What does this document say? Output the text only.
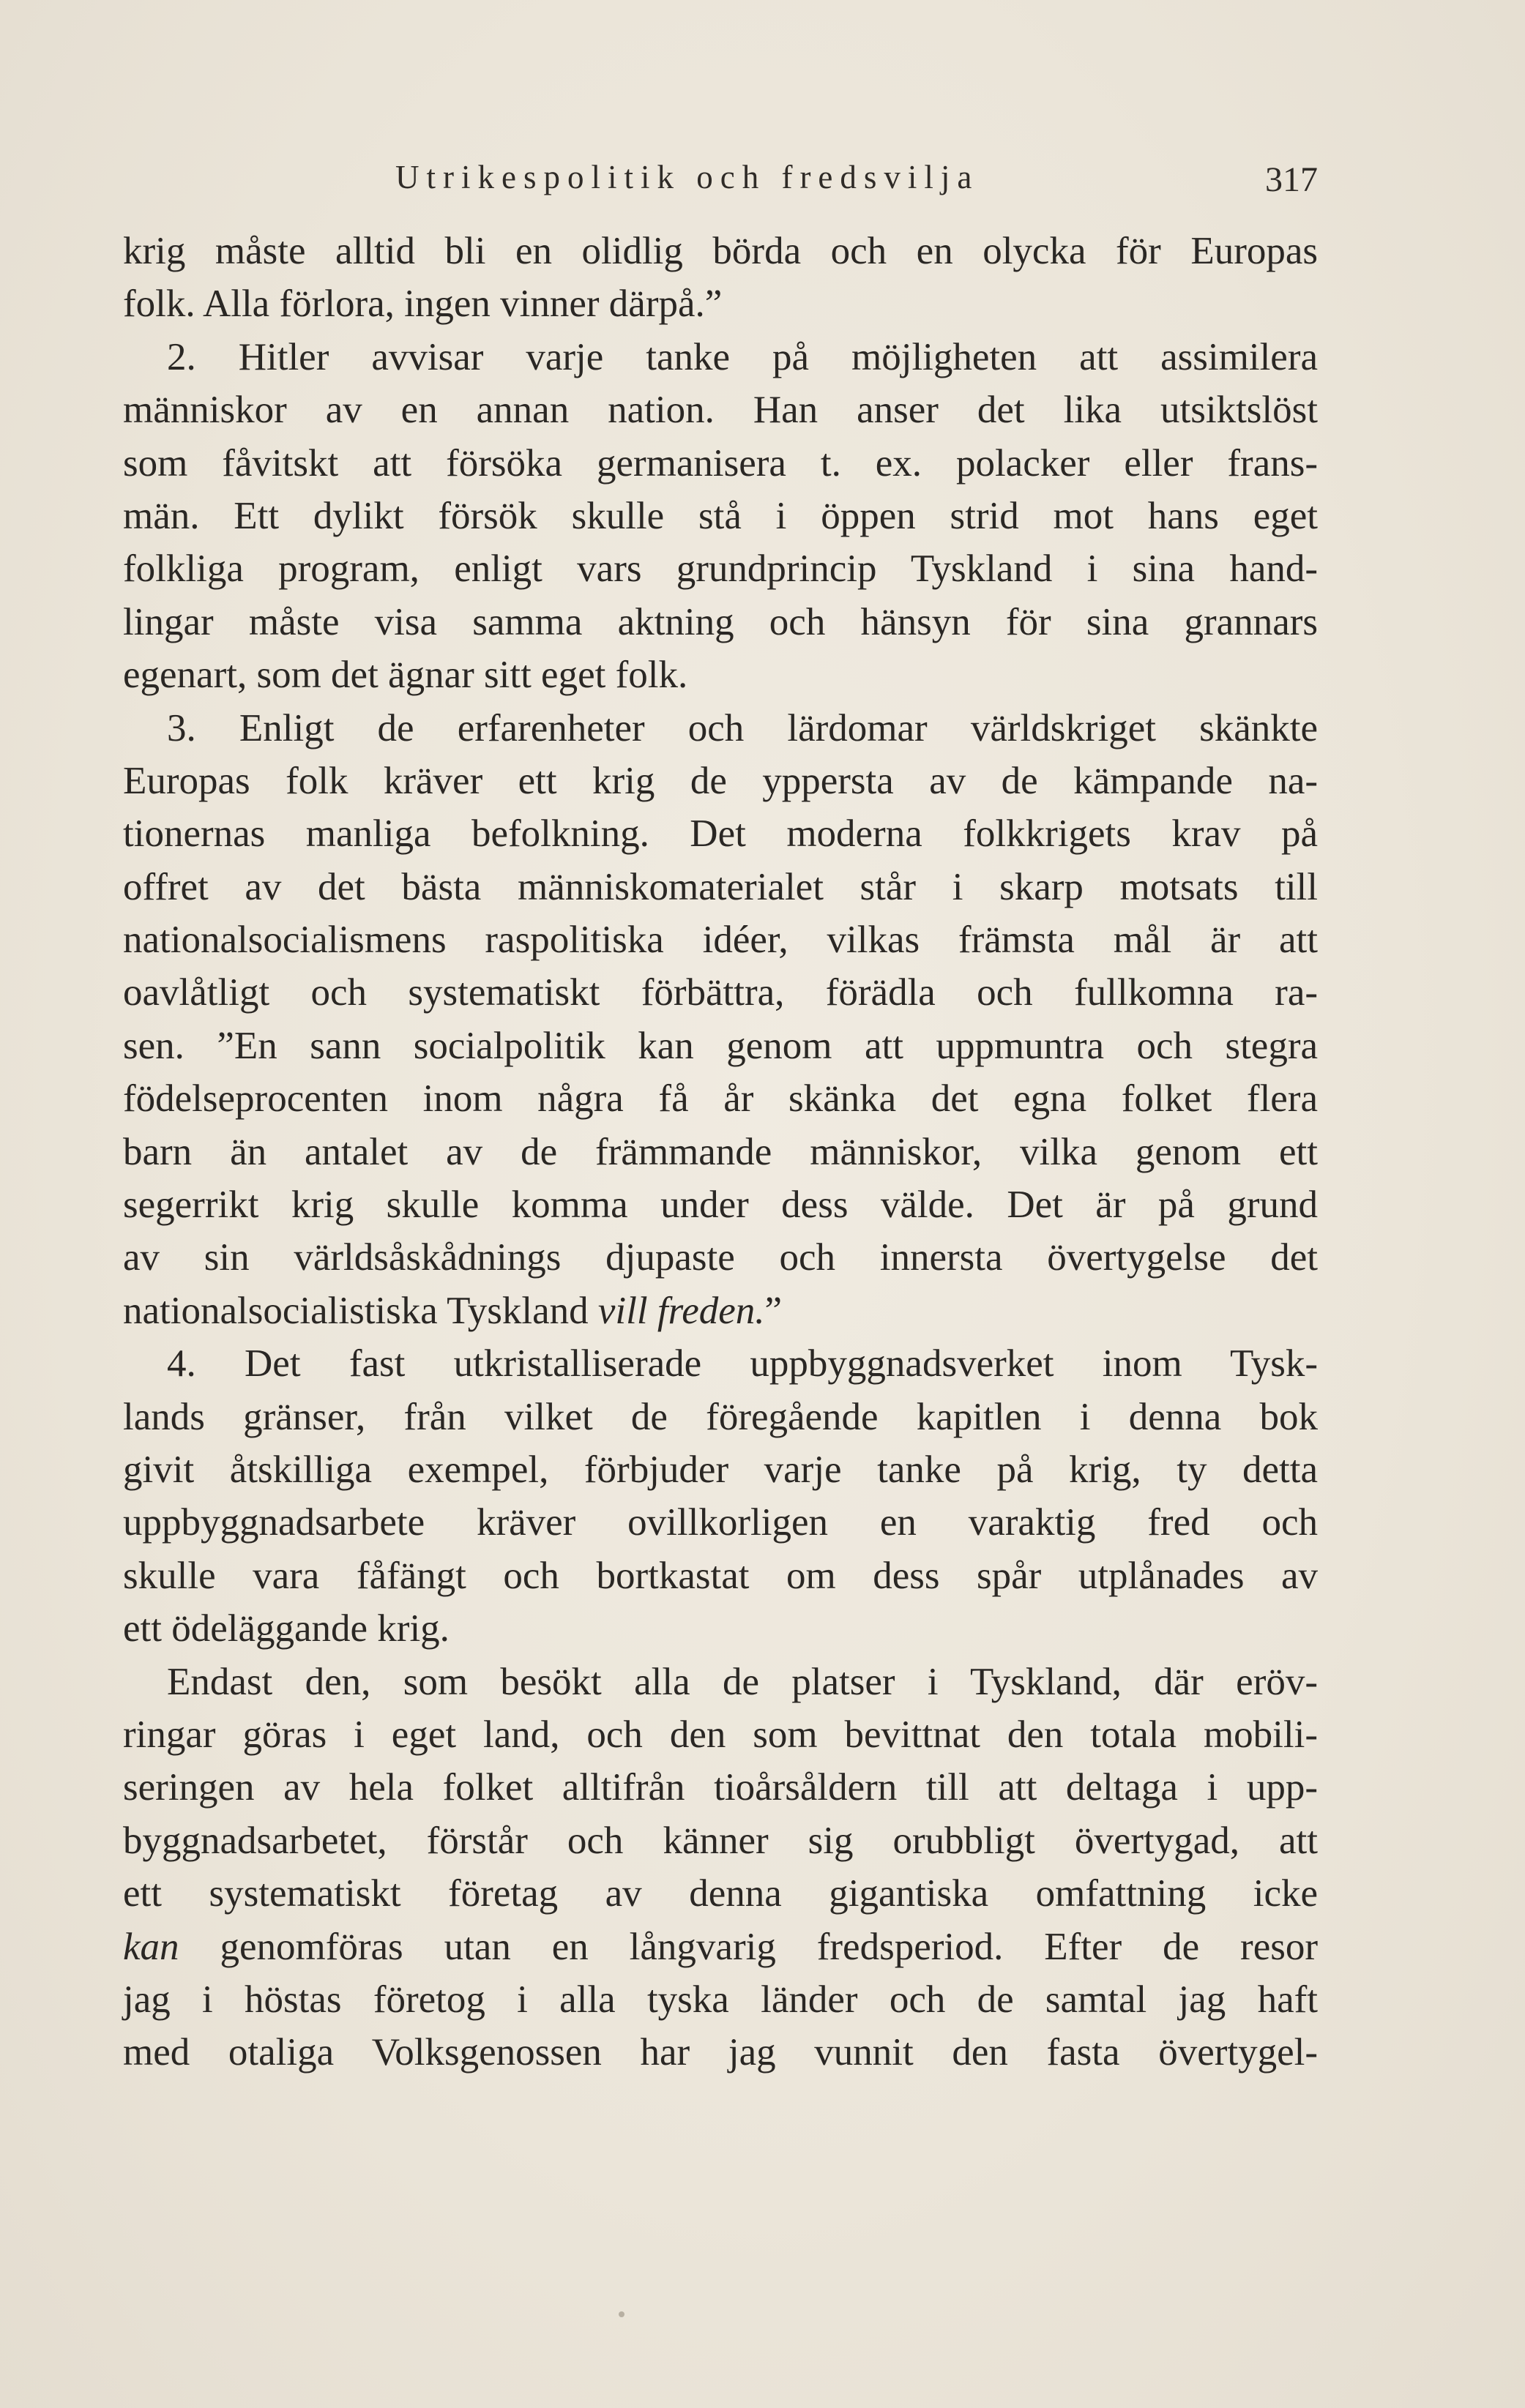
Utrikespolitik och fredsvilja	317
krig måste alltid bli en olidlig börda och en olycka för Europas
folk. Alla förlora, ingen vinner därpå.”
2. Hitler avvisar varje tanke på möjligheten att assimilera
människor av en annan nation. Han anser det lika utsiktslöst
som fåvitskt att försöka germanisera t. ex. polacker eller frans-
män. Ett dylikt försök skulle stå i öppen strid mot hans eget
folkliga program, enligt vars grundprincip Tyskland i sina hand-
lingar måste visa samma aktning och hänsyn för sina grannars
egenart, som det ägnar sitt eget folk.
3. Enligt de erfarenheter och lärdomar världskriget skänkte
Europas folk kräver ett krig de yppersta av de kämpande na-
tionernas manliga befolkning. Det moderna folkkrigets krav på
offret av det bästa människomaterialet står i skarp motsats till
nationalsocialismens raspolitiska idéer, vilkas främsta mål är att
oavlåtligt och systematiskt förbättra, förädla och fullkomna ra-
sen. ”En sann socialpolitik kan genom att uppmuntra och stegra
födelseprocenten inom några få år skänka det egna folket flera
barn än antalet av de främmande människor, vilka genom ett
segerrikt krig skulle komma under dess välde. Det är på grund
av sin världsåskådnings djupaste och innersta övertygelse det
nationalsocialistiska Tyskland vill freden.”
4. Det fast utkristalliserade uppbyggnadsverket inom Tysk-
lands gränser, från vilket de föregående kapitlen i denna bok
givit åtskilliga exempel, förbjuder varje tanke på krig, ty detta
uppbyggnadsarbete kräver ovillkorligen en varaktig fred och
skulle vara fåfängt och bortkastat om dess spår utplånades av
ett ödeläggande krig.
Endast den, som besökt alla de platser i Tyskland, där eröv-
ringar göras i eget land, och den som bevittnat den totala mobili-
seringen av hela folket alltifrån tioårsåldern till att deltaga i upp-
byggnadsarbetet, förstår och känner sig orubbligt övertygad, att
ett systematiskt företag av denna gigantiska omfattning icke
kan genomföras utan en långvarig fredsperiod. Efter de resor
jag i höstas företog i alla tyska länder och de samtal jag haft
med otaliga Volksgenossen har jag vunnit den fasta övertygel-
